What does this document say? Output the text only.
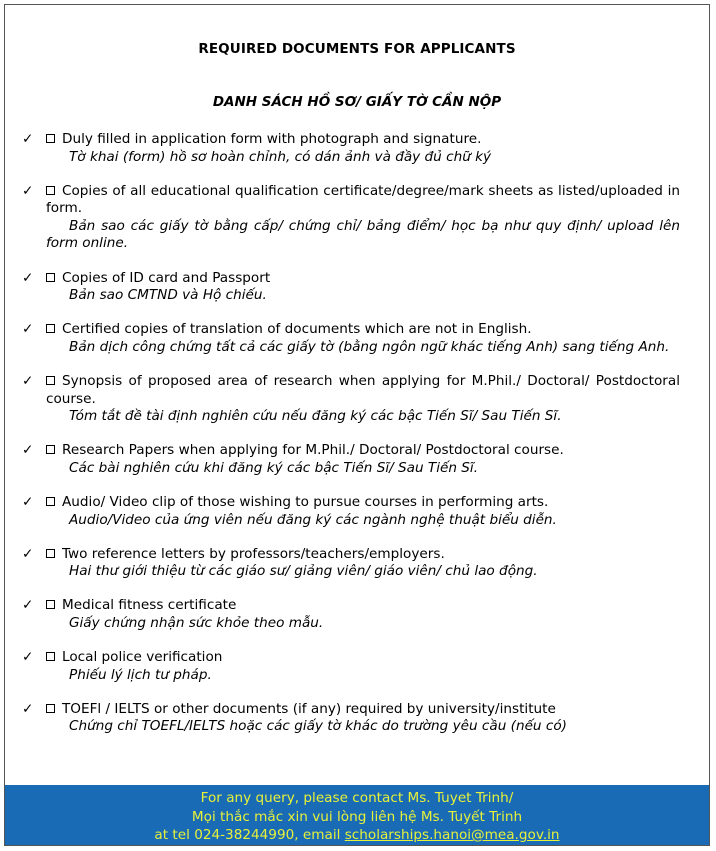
REQUIRED DOCUMENTS FOR APPLICANTS
DANH SÁCH HỒ SƠ/ GIẤY TỜ CẦN NỘP
✓	Duly filled in application form with photograph and signature.
Tờ khai (form) hồ sơ hoàn chỉnh, có dán ảnh và đầy đủ chữ ký
✓	Copies of all educational qualification certificate/degree/mark sheets as listed/uploaded in form.
Bản sao các giấy tờ bằng cấp/ chứng chỉ/ bảng điểm/ học bạ như quy định/ upload lên form online.
✓	Copies of ID card and Passport
Bản sao CMTND và Hộ chiếu.
✓	Certified copies of translation of documents which are not in English.
Bản dịch công chứng tất cả các giấy tờ (bằng ngôn ngữ khác tiếng Anh) sang tiếng Anh.
✓	Synopsis of proposed area of research when applying for M.Phil./ Doctoral/ Postdoctoral course.
Tóm tắt đề tài định nghiên cứu nếu đăng ký các bậc Tiến Sĩ/ Sau Tiến Sĩ.
✓	Research Papers when applying for M.Phil./ Doctoral/ Postdoctoral course.
Các bài nghiên cứu khi đăng ký các bậc Tiến Sĩ/ Sau Tiến Sĩ.
✓	Audio/ Video clip of those wishing to pursue courses in performing arts.
Audio/Video của ứng viên nếu đăng ký các ngành nghệ thuật biểu diễn.
✓	Two reference letters by professors/teachers/employers.
Hai thư giới thiệu từ các giáo sư/ giảng viên/ giáo viên/ chủ lao động.
✓	Medical fitness certificate
Giấy chứng nhận sức khỏe theo mẫu.
✓	Local police verification
Phiếu lý lịch tư pháp.
✓	TOEFl / IELTS or other documents (if any) required by university/institute
Chứng chỉ TOEFL/IELTS hoặc các giấy tờ khác do trường yêu cầu (nếu có)
For any query, please contact Ms. Tuyet Trinh/
Mọi thắc mắc xin vui lòng liên hệ Ms. Tuyết Trinh
at tel 024-38244990, email scholarships.hanoi@mea.gov.in
